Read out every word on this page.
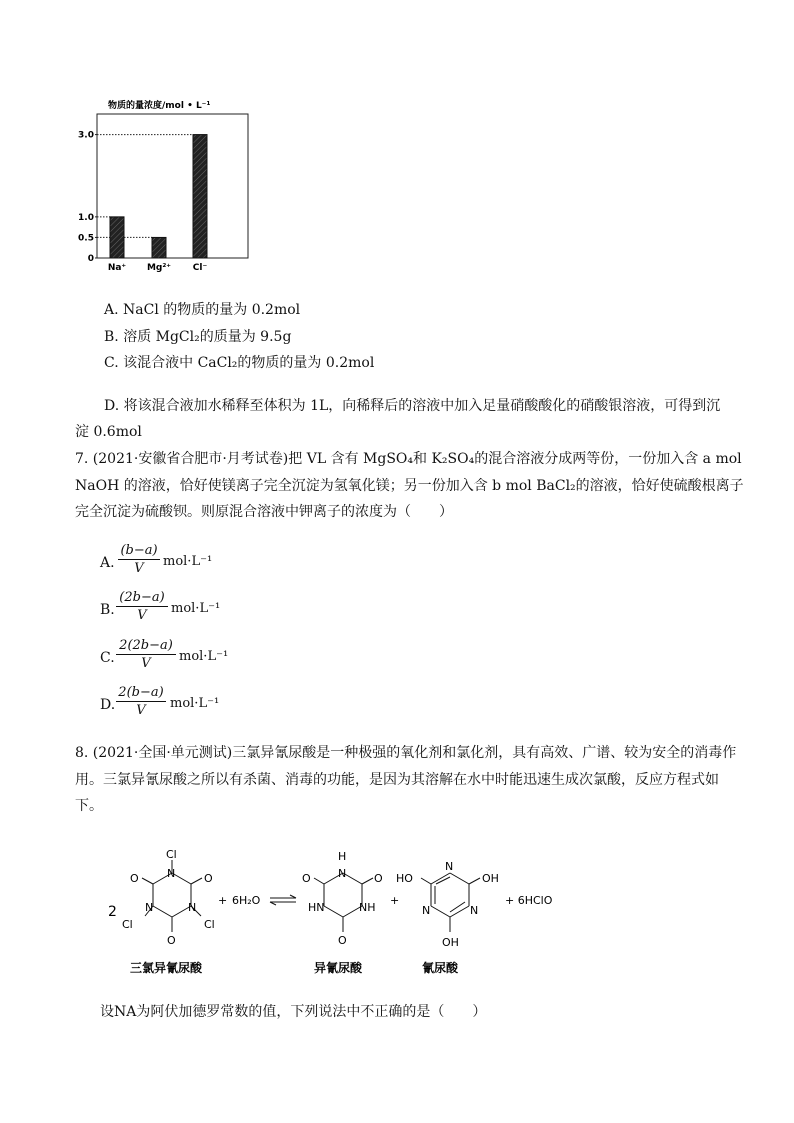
物质的量浓度/mol • L⁻¹
0
0.5
1.0
3.0
Na⁺ Mg²⁺ Cl⁻
A. NaCl 的物质的量为 0.2mol
B. 溶质 MgCl₂的质量为 9.5g
C. 该混合液中 CaCl₂的物质的量为 0.2mol
D. 将该混合液加水稀释至体积为 1L，向稀释后的溶液中加入足量硝酸酸化的硝酸银溶液，可得到沉
淀 0.6mol
7. (2021·安徽省合肥市·月考试卷)把 VL 含有 MgSO₄和 K₂SO₄的混合溶液分成两等份，一份加入含 a mol
NaOH 的溶液，恰好使镁离子完全沉淀为氢氧化镁；另一份加入含 b mol BaCl₂的溶液，恰好使硫酸根离子
完全沉淀为硫酸钡。则原混合溶液中钾离子的浓度为（　　）
A.
(b−a)
V	mol·L⁻¹
B.
(2b−a)
V	mol·L⁻¹
C.
2(2b−a)
V	mol·L⁻¹
D.
2(b−a)
V	mol·L⁻¹
8. (2021·全国·单元测试)三氯异氰尿酸是一种极强的氧化剂和氯化剂，具有高效、广谱、较为安全的消毒作
用。三氯异氰尿酸之所以有杀菌、消毒的功能，是因为其溶解在水中时能迅速生成次氯酸，反应方程式如
下。
Cl
N
O	O
N	N
Cl	Cl
O
2
+ 6H₂O
H
N
O	O
HN	NH
O
+
N
HO	OH
N	N
OH
+ 6HClO
三氯异氰尿酸	异氰尿酸	氰尿酸
设NA为阿伏加德罗常数的值，下列说法中不正确的是（　　）
